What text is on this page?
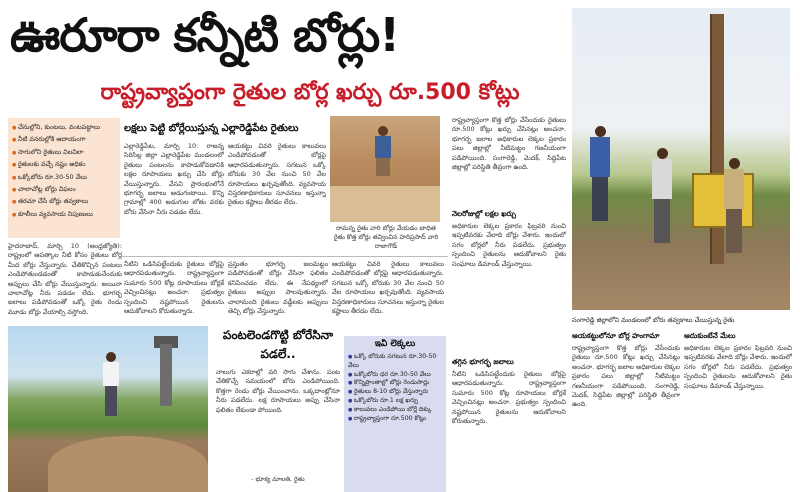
ఊరూరా కన్నీటి బోర్లు!
రాష్ట్రవ్యాప్తంగా రైతుల బోర్ల ఖర్చు రూ.500 కోట్లు
● చేనుల్లోని, కుంటలు, వంటపట్టాలు
● నీటి వనరుల్లోకి ఆదాయంగా
● సాగులోని రైతులు విలవిలా
● రైతులకు వచ్చే నష్టం అధికం
● ఒక్కోబోరు రూ.30-50 వేలు
● చాలాచోట్ల బోర్లు విఫలం
● తరచూ చేసే బోర్లు తవ్వకాలు
● కూలీలు వ్యవసాయ నిపుణులు
హైదరాబాద్, మార్చి 10 (ఆంధ్రజ్యోతి): రాష్ట్రంలో ఆపత్కాల నీటి కోసం రైతులు బోర్ల మీద బోర్లు వేస్తున్నారు. చేతికొచ్చిన పంటలు ఎండిపోతుండడంతో కాపాడుకునేందుకు అప్పులు చేసి బోర్లు వేయిస్తున్నారు. అయినా చాలాచోట్ల నీరు పడడం లేదు. భూగర్భ జలాలు పడిపోవడంతో ఒక్కో రైతు రెండు మూడు బోర్లు వేయాల్సి వస్తోంది.
లక్షలు పెట్టి బోర్లేయిస్తున్న ఎల్లారెడ్డిపేట రైతులు
ఎల్లారెడ్డిపేట, మార్చి 10: రాజన్న సిరిసిల్ల జిల్లా ఎల్లారెడ్డిపేట మండలంలో రైతులు పంటలను కాపాడుకోవడానికి లక్షల రూపాయలు ఖర్చు చేసి బోర్లు వేయిస్తున్నారు. వేసవి ప్రారంభంలోనే భూగర్భ జలాలు అడుగంటాయి. కొన్ని గ్రామాల్లో 400 అడుగుల లోతు వరకు బోరు వేసినా నీరు పడడం లేదు.
ఆయకట్టు చివరి రైతులు కాలువలు ఎండిపోవడంతో బోర్లపై ఆధారపడుతున్నారు. సగటున ఒక్కో బోరుకు 30 వేల నుంచి 50 వేల రూపాయలు ఖర్చవుతోంది. వ్యవసాయ విస్తరణాధికారులు సూచనలు ఇస్తున్నా రైతుల కష్టాలు తీరడం లేదు.
రామన్న రైతు వారి బోర్లు వేయడం బాధిత రైతు కొత్త బోర్లు తవ్వించిన హరిప్రసాద్ వారి రాజాగౌడ్
నీటిని ఒడిసిపట్టేందుకు రైతులు బోర్లపై ఆధారపడుతున్నారు. రాష్ట్రవ్యాప్తంగా సుమారు 500 కోట్ల రూపాయలు బోర్లకే వెచ్చించినట్లు అంచనా. ప్రభుత్వం స్పందించి నష్టపోయిన రైతులను ఆదుకోవాలని కోరుతున్నారు.
ప్రస్తుతం భూగర్భ జలమట్టం పడిపోవడంతో బోర్లు వేసినా ఫలితం కనిపించడం లేదు. ఈ నేపథ్యంలో రైతులు అప్పుల పాలవుతున్నారు. చాలామంది రైతులు వడ్డీలకు అప్పులు తెచ్చి బోర్లు వేస్తున్నారు.
ఆయకట్టు చివరి రైతులు కాలువలు ఎండిపోవడంతో బోర్లపై ఆధారపడుతున్నారు. సగటున ఒక్కో బోరుకు 30 వేల నుంచి 50 వేల రూపాయలు ఖర్చవుతోంది. వ్యవసాయ విస్తరణాధికారులు సూచనలు ఇస్తున్నా రైతుల కష్టాలు తీరడం లేదు.
రాష్ట్రవ్యాప్తంగా కొత్త బోర్లు వేసేందుకు రైతులు రూ.500 కోట్లు ఖర్చు చేసినట్లు అంచనా. భూగర్భ జలాల అధికారుల లెక్కల ప్రకారం పలు జిల్లాల్లో నీటిమట్టం గణనీయంగా పడిపోయింది. సంగారెడ్డి, మెదక్, సిద్దిపేట జిల్లాల్లో పరిస్థితి తీవ్రంగా ఉంది.
నెలరోజుల్లో లక్షల ఖర్చు
అధికారుల లెక్కల ప్రకారం ఫిబ్రవరి నుంచి ఇప్పటివరకు వేలాది బోర్లు వేశారు. ఇందులో సగం బోర్లలో నీరు పడలేదు. ప్రభుత్వం స్పందించి రైతులను ఆదుకోవాలని రైతు సంఘాలు డిమాండ్ చేస్తున్నాయి.
తగ్గిన భూగర్భ జలాలు
నీటిని ఒడిసిపట్టేందుకు రైతులు బోర్లపై ఆధారపడుతున్నారు. రాష్ట్రవ్యాప్తంగా సుమారు 500 కోట్ల రూపాయలు బోర్లకే వెచ్చించినట్లు అంచనా. ప్రభుత్వం స్పందించి నష్టపోయిన రైతులను ఆదుకోవాలని కోరుతున్నారు.
సంగారెడ్డి జిల్లాలోని మండలంలో బోరు తవ్వకాలు చేయిస్తున్న రైతు
ఆయకట్టులోనూ బోర్ల హంగామా
రాష్ట్రవ్యాప్తంగా కొత్త బోర్లు వేసేందుకు రైతులు రూ.500 కోట్లు ఖర్చు చేసినట్లు అంచనా. భూగర్భ జలాల అధికారుల లెక్కల ప్రకారం పలు జిల్లాల్లో నీటిమట్టం గణనీయంగా పడిపోయింది. సంగారెడ్డి, మెదక్, సిద్దిపేట జిల్లాల్లో పరిస్థితి తీవ్రంగా ఉంది.
ఆదుకుంటేనే మేలు
అధికారుల లెక్కల ప్రకారం ఫిబ్రవరి నుంచి ఇప్పటివరకు వేలాది బోర్లు వేశారు. ఇందులో సగం బోర్లలో నీరు పడలేదు. ప్రభుత్వం స్పందించి రైతులను ఆదుకోవాలని రైతు సంఘాలు డిమాండ్ చేస్తున్నాయి.
పంటలెండగొట్టి బోరేసినా పడలే..
నాలుగు ఎకరాల్లో వరి సాగు చేశాను. పంట చేతికొచ్చే సమయంలో బోరు ఎండిపోయింది. కొత్తగా రెండు బోర్లు వేయించాను. ఒక్కదాంట్లోనూ నీరు పడలేదు. లక్ష రూపాయలు అప్పు చేసినా ఫలితం లేకుండా పోయింది.
- భూక్య మాలతి, రైతు
ఇవీ లెక్కలు
● ఒక్కో బోరుకు సగటున రూ.30-50 వేలు
● ఒక్కోబోరు ధర రూ.30-50 వేలు
● కొన్నిప్రాంతాల్లో బోర్లు రెండుసార్లు
● రైతులు 8-10 బోర్లు వేస్తున్నారు
● ఒక్కోబోరు రూ.1 లక్ష ఖర్చు
● కాలువలు ఎండిపోయి బోర్లే దిక్కు
● రాష్ట్రవ్యాప్తంగా రూ.500 కోట్లు
